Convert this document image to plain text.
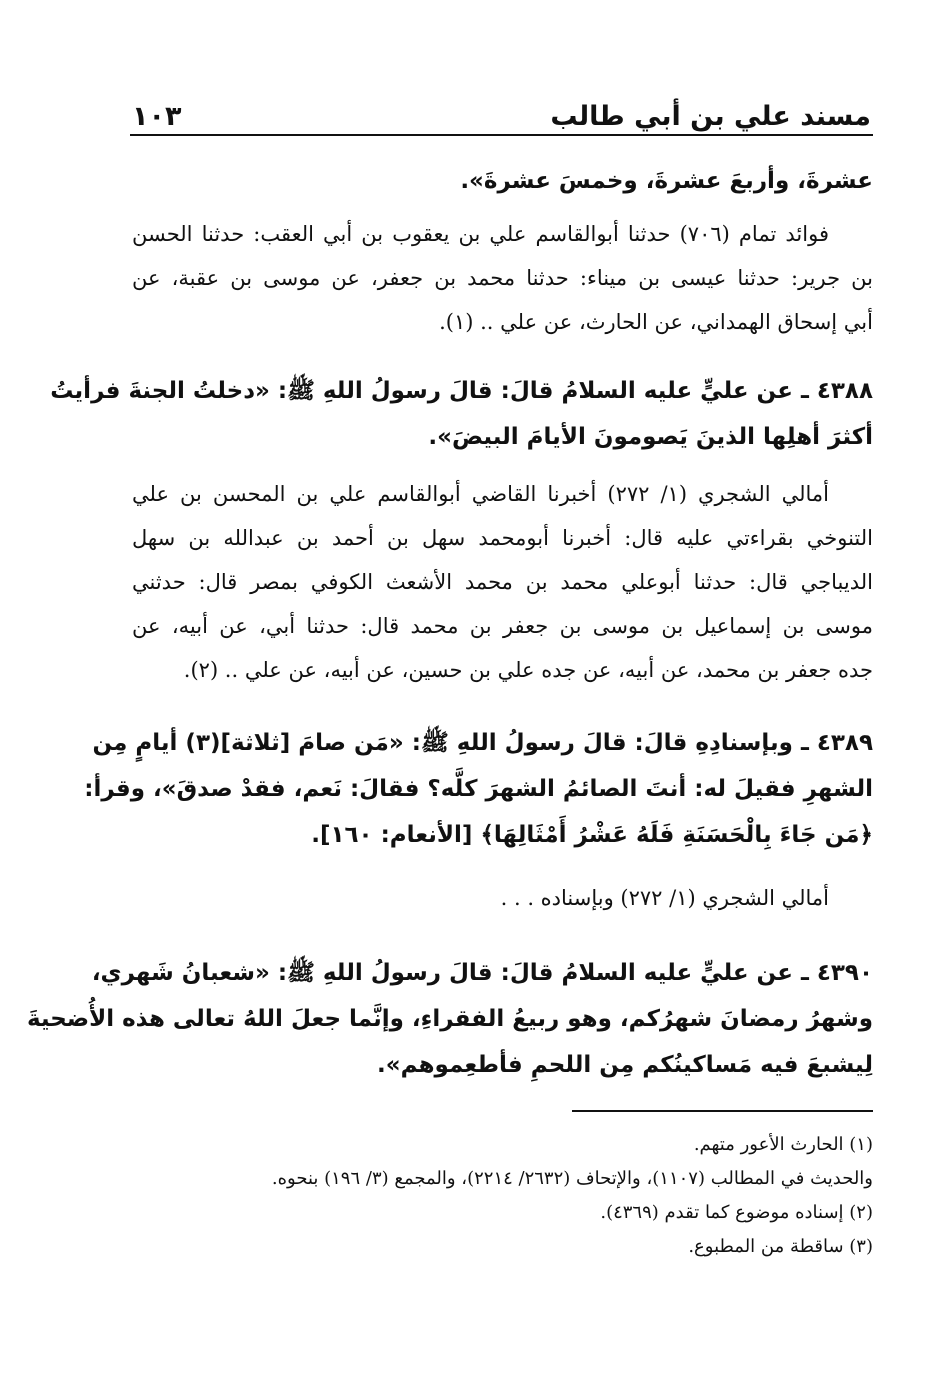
مسند علي بن أبي طالب
١٠٣
عشرةَ، وأربعَ عشرةَ، وخمسَ عشرةَ».
فوائد تمام (٧٠٦) حدثنا أبوالقاسم علي بن يعقوب بن أبي العقب: حدثنا الحسن
بن جرير: حدثنا عيسى بن ميناء: حدثنا محمد بن جعفر، عن موسى بن عقبة، عن
أبي إسحاق الهمداني، عن الحارث، عن علي .. (١).
٤٣٨٨ ـ عن عليٍّ عليه السلامُ قالَ: قالَ رسولُ اللهِ ﷺ: «دخلتُ الجنةَ فرأيتُ
أكثرَ أهلِها الذينَ يَصومونَ الأيامَ البيضَ».
أمالي الشجري (١/ ٢٧٢) أخبرنا القاضي أبوالقاسم علي بن المحسن بن علي
التنوخي بقراءتي عليه قال: أخبرنا أبومحمد سهل بن أحمد بن عبدالله بن سهل
الديباجي قال: حدثنا أبوعلي محمد بن محمد الأشعث الكوفي بمصر قال: حدثني
موسى بن إسماعيل بن موسى بن جعفر بن محمد قال: حدثنا أبي، عن أبيه، عن
جده جعفر بن محمد، عن أبيه، عن جده علي بن حسين، عن أبيه، عن علي .. (٢).
٤٣٨٩ ـ وبإسنادِهِ قالَ: قالَ رسولُ اللهِ ﷺ: «مَن صامَ [ثلاثة](٣) أيامٍ مِن
الشهرِ فقيلَ له: أنتَ الصائمُ الشهرَ كلَّه؟ فقالَ: نَعم، فقدْ صدقَ»، وقرأ:
﴿مَن جَاءَ بِالْحَسَنَةِ فَلَهُ عَشْرُ أَمْثَالِهَا﴾ [الأنعام: ١٦٠].
أمالي الشجري (١/ ٢٧٢) وبإسناده . . .
٤٣٩٠ ـ عن عليٍّ عليه السلامُ قالَ: قالَ رسولُ اللهِ ﷺ: «شعبانُ شَهري،
وشهرُ رمضانَ شهرُكم، وهو ربيعُ الفقراءِ، وإنَّما جعلَ اللهُ تعالى هذه الأُضحيةَ
لِيشبعَ فيه مَساكينُكم مِن اللحمِ فأطعِموهم».
(١) الحارث الأعور متهم.
والحديث في المطالب (١١٠٧)، والإتحاف (٢٦٣٢/ ٢٢١٤)، والمجمع (٣/ ١٩٦) بنحوه.
(٢) إسناده موضوع كما تقدم (٤٣٦٩).
(٣) ساقطة من المطبوع.
